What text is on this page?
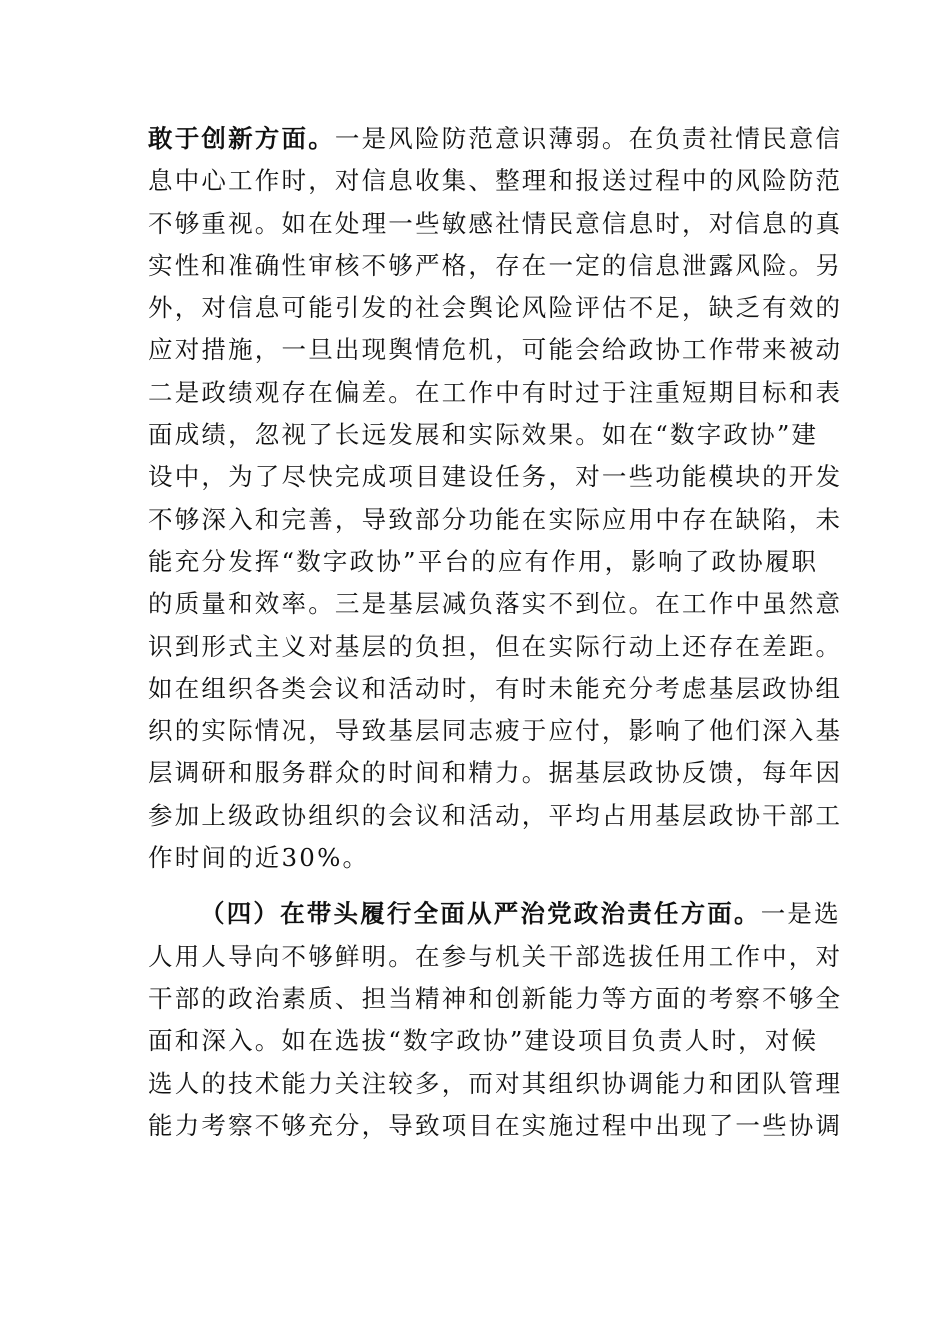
敢于创新方面。一是风险防范意识薄弱。在负责社情民意信
息中心工作时，对信息收集、整理和报送过程中的风险防范
不够重视。如在处理一些敏感社情民意信息时，对信息的真
实性和准确性审核不够严格，存在一定的信息泄露风险。另
外，对信息可能引发的社会舆论风险评估不足，缺乏有效的
应对措施，一旦出现舆情危机，可能会给政协工作带来被动
二是政绩观存在偏差。在工作中有时过于注重短期目标和表
面成绩，忽视了长远发展和实际效果。如在“数字政协”建
设中，为了尽快完成项目建设任务，对一些功能模块的开发
不够深入和完善，导致部分功能在实际应用中存在缺陷，未
能充分发挥“数字政协”平台的应有作用，影响了政协履职
的质量和效率。三是基层减负落实不到位。在工作中虽然意
识到形式主义对基层的负担，但在实际行动上还存在差距。
如在组织各类会议和活动时，有时未能充分考虑基层政协组
织的实际情况，导致基层同志疲于应付，影响了他们深入基
层调研和服务群众的时间和精力。据基层政协反馈，每年因
参加上级政协组织的会议和活动，平均占用基层政协干部工
作时间的近30%。
（四）在带头履行全面从严治党政治责任方面。一是选
人用人导向不够鲜明。在参与机关干部选拔任用工作中，对
干部的政治素质、担当精神和创新能力等方面的考察不够全
面和深入。如在选拔“数字政协”建设项目负责人时，对候
选人的技术能力关注较多，而对其组织协调能力和团队管理
能力考察不够充分，导致项目在实施过程中出现了一些协调
